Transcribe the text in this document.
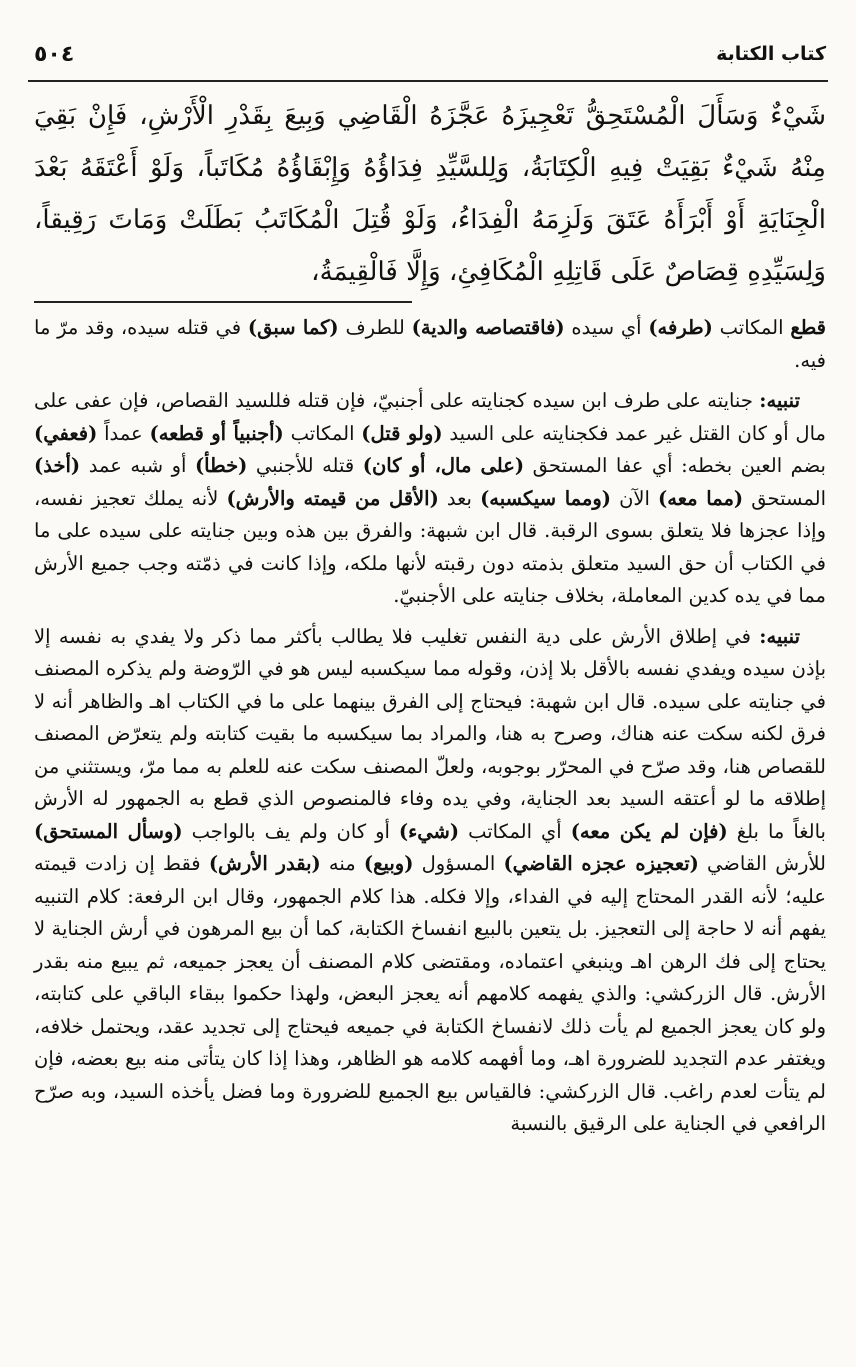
كتاب الكتابة
٥٠٤
شَيْءٌ وَسَأَلَ الْمُسْتَحِقُّ تَعْجِيزَهُ عَجَّزَهُ الْقَاضِي وَبِيعَ بِقَدْرِ الْأَرْشِ، فَإِنْ بَقِيَ مِنْهُ شَيْءٌ بَقِيَتْ فِيهِ الْكِتَابَةُ، وَلِلسَّيِّدِ فِدَاؤُهُ وَإِبْقَاؤُهُ مُكَاتَباً، وَلَوْ أَعْتَقَهُ بَعْدَ الْجِنَايَةِ أَوْ أَبْرَأَهُ عَتَقَ وَلَزِمَهُ الْفِدَاءُ، وَلَوْ قُتِلَ الْمُكَاتَبُ بَطَلَتْ وَمَاتَ رَقِيقاً، وَلِسَيِّدِهِ قِصَاصٌ عَلَى قَاتِلِهِ الْمُكَافِئِ، وَإِلَّا فَالْقِيمَةُ،

قطع المكاتب (طرفه) أي سيده (فاقتصاصه والدية) للطرف (كما سبق) في قتله سيده، وقد مرّ ما فيه.

تنبيه: جنايته على طرف ابن سيده كجنايته على أجنبيّ، فإن قتله فللسيد القصاص، فإن عفى على مال أو كان القتل غير عمد فكجنايته على السيد (ولو قتل) المكاتب (أجنبياً أو قطعه) عمداً (فعفي) بضم العين بخطه: أي عفا المستحق (على مال، أو كان) قتله للأجنبي (خطأ) أو شبه عمد (أخذ) المستحق (مما معه) الآن (ومما سيكسبه) بعد (الأقل من قيمته والأرش) لأنه يملك تعجيز نفسه، وإذا عجزها فلا يتعلق بسوى الرقبة. قال ابن شبهة: والفرق بين هذه وبين جنايته على سيده على ما في الكتاب أن حق السيد متعلق بذمته دون رقبته لأنها ملكه، وإذا كانت في ذمّته وجب جميع الأرش مما في يده كدين المعاملة، بخلاف جنايته على الأجنبيّ.

تنبيه: في إطلاق الأرش على دية النفس تغليب فلا يطالب بأكثر مما ذكر ولا يفدي به نفسه إلا بإذن سيده ويفدي نفسه بالأقل بلا إذن، وقوله مما سيكسبه ليس هو في الرّوضة ولم يذكره المصنف في جنايته على سيده. قال ابن شهبة: فيحتاج إلى الفرق بينهما على ما في الكتاب اهـ والظاهر أنه لا فرق لكنه سكت عنه هناك، وصرح به هنا، والمراد بما سيكسبه ما بقيت كتابته ولم يتعرّض المصنف للقصاص هنا، وقد صرّح في المحرّر بوجوبه، ولعلّ المصنف سكت عنه للعلم به مما مرّ، ويستثني من إطلاقه ما لو أعتقه السيد بعد الجناية، وفي يده وفاء فالمنصوص الذي قطع به الجمهور له الأرش بالغاً ما بلغ (فإن لم يكن معه) أي المكاتب (شيء) أو كان ولم يف بالواجب (وسأل المستحق) للأرش القاضي (تعجيزه عجزه القاضي) المسؤول (وبيع) منه (بقدر الأرش) فقط إن زادت قيمته عليه؛ لأنه القدر المحتاج إليه في الفداء، وإلا فكله. هذا كلام الجمهور، وقال ابن الرفعة: كلام التنبيه يفهم أنه لا حاجة إلى التعجيز. بل يتعين بالبيع انفساخ الكتابة، كما أن بيع المرهون في أرش الجناية لا يحتاج إلى فك الرهن اهـ وينبغي اعتماده، ومقتضى كلام المصنف أن يعجز جميعه، ثم يبيع منه بقدر الأرش. قال الزركشي: والذي يفهمه كلامهم أنه يعجز البعض، ولهذا حكموا ببقاء الباقي على كتابته، ولو كان يعجز الجميع لم يأت ذلك لانفساخ الكتابة في جميعه فيحتاج إلى تجديد عقد، ويحتمل خلافه، ويغتفر عدم التجديد للضرورة اهـ، وما أفهمه كلامه هو الظاهر، وهذا إذا كان يتأتى منه بيع بعضه، فإن لم يتأت لعدم راغب. قال الزركشي: فالقياس بيع الجميع للضرورة وما فضل يأخذه السيد، وبه صرّح الرافعي في الجناية على الرقيق بالنسبة
